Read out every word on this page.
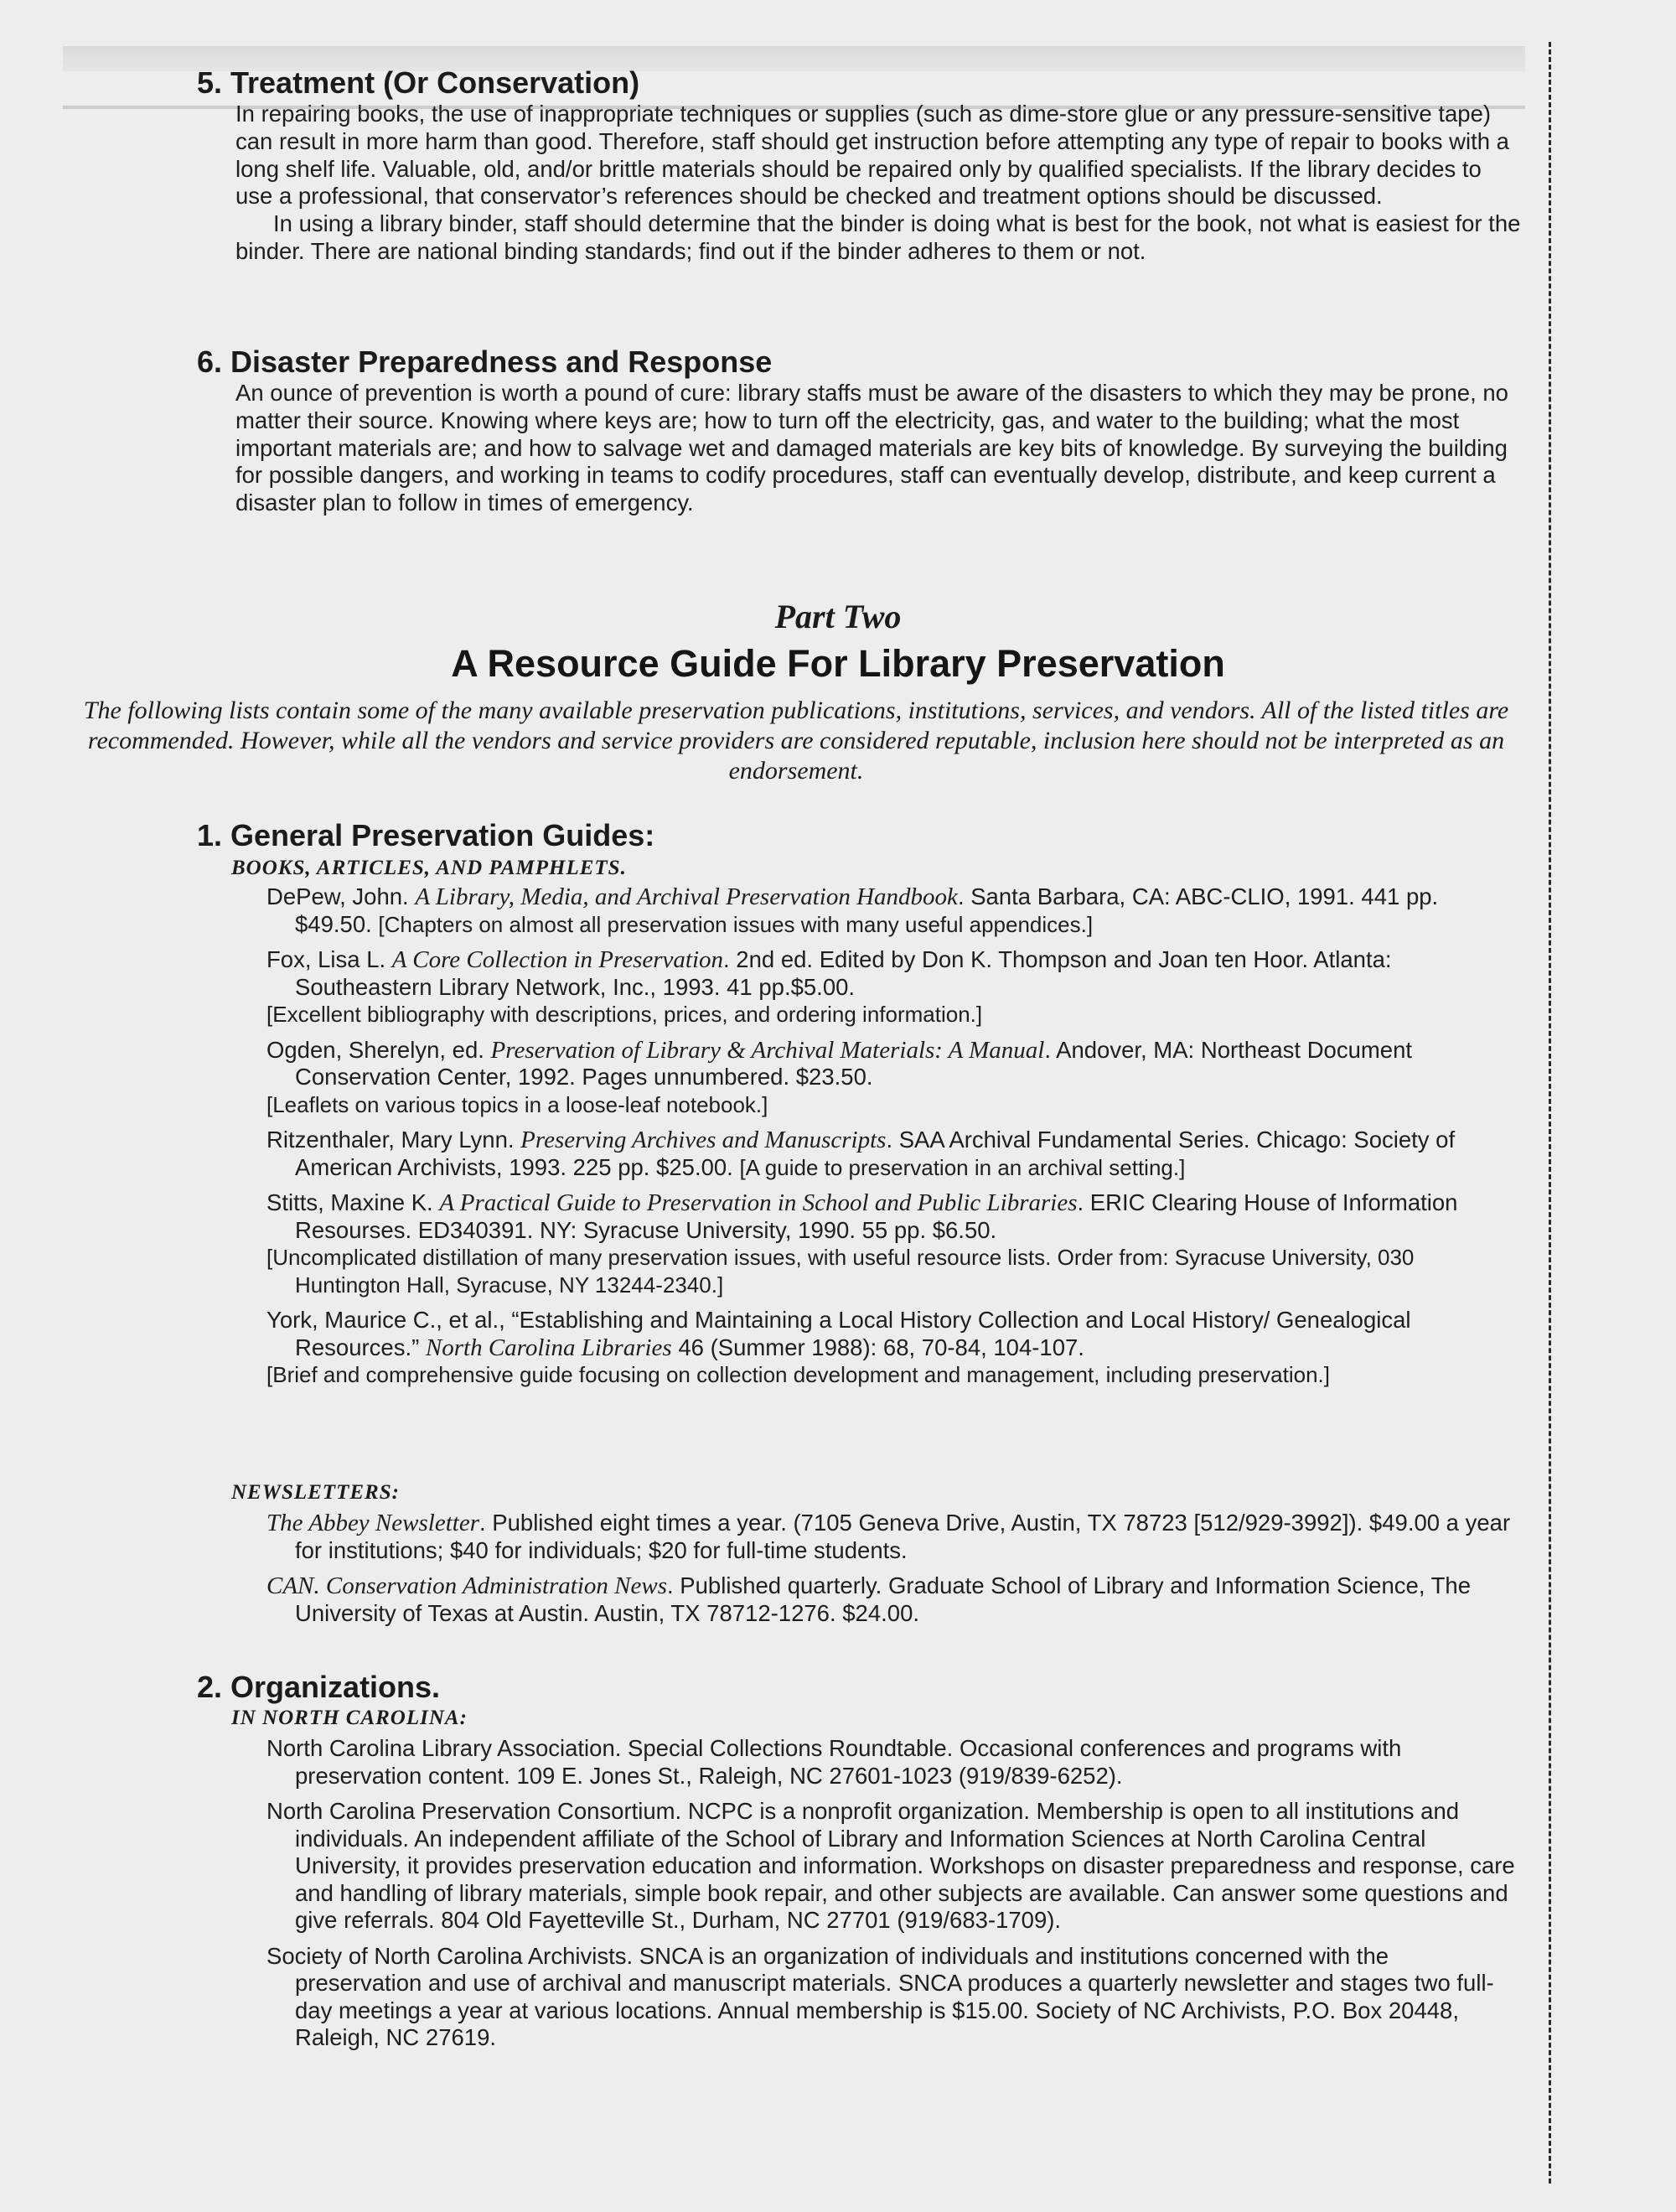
5. Treatment (Or Conservation)

In repairing books, the use of inappropriate techniques or supplies (such as dime-store glue or any pressure-sensitive tape) can result in more harm than good. Therefore, staff should get instruction before attempting any type of repair to books with a long shelf life. Valuable, old, and/or brittle materials should be repaired only by qualified specialists. If the library decides to use a professional, that conservator’s references should be checked and treatment options should be discussed.

In using a library binder, staff should determine that the binder is doing what is best for the book, not what is easiest for the binder. There are national binding standards; find out if the binder adheres to them or not.

6. Disaster Preparedness and Response

An ounce of prevention is worth a pound of cure: library staffs must be aware of the disasters to which they may be prone, no matter their source. Knowing where keys are; how to turn off the electricity, gas, and water to the building; what the most important materials are; and how to salvage wet and damaged materials are key bits of knowledge. By surveying the building for possible dangers, and working in teams to codify procedures, staff can eventually develop, distribute, and keep current a disaster plan to follow in times of emergency.

Part Two
A Resource Guide For Library Preservation
The following lists contain some of the many available preservation publications, institutions, services, and vendors. All of the listed titles are recommended. However, while all the vendors and service providers are considered reputable, inclusion here should not be interpreted as an endorsement.
1. General Preservation Guides:
BOOKS, ARTICLES, AND PAMPHLETS.
DePew, John. A Library, Media, and Archival Preservation Handbook. Santa Barbara, CA: ABC-CLIO, 1991. 441 pp. $49.50. [Chapters on almost all preservation issues with many useful appendices.]
Fox, Lisa L. A Core Collection in Preservation. 2nd ed. Edited by Don K. Thompson and Joan ten Hoor. Atlanta: Southeastern Library Network, Inc., 1993. 41 pp.$5.00.
[Excellent bibliography with descriptions, prices, and ordering information.]
Ogden, Sherelyn, ed. Preservation of Library & Archival Materials: A Manual. Andover, MA: Northeast Document Conservation Center, 1992. Pages unnumbered. $23.50.
[Leaflets on various topics in a loose-leaf notebook.]
Ritzenthaler, Mary Lynn. Preserving Archives and Manuscripts. SAA Archival Fundamental Series. Chicago: Society of American Archivists, 1993. 225 pp. $25.00. [A guide to preservation in an archival setting.]
Stitts, Maxine K. A Practical Guide to Preservation in School and Public Libraries. ERIC Clearing House of Information Resourses. ED340391. NY: Syracuse University, 1990. 55 pp. $6.50.
[Uncomplicated distillation of many preservation issues, with useful resource lists. Order from: Syracuse University, 030 Huntington Hall, Syracuse, NY 13244-2340.]
York, Maurice C., et al., “Establishing and Maintaining a Local History Collection and Local History/ Genealogical Resources.” North Carolina Libraries 46 (Summer 1988): 68, 70-84, 104-107.
[Brief and comprehensive guide focusing on collection development and management, including preservation.]
NEWSLETTERS:
The Abbey Newsletter. Published eight times a year. (7105 Geneva Drive, Austin, TX 78723 [512/929-3992]). $49.00 a year for institutions; $40 for individuals; $20 for full-time students.
CAN. Conservation Administration News. Published quarterly. Graduate School of Library and Information Science, The University of Texas at Austin. Austin, TX 78712-1276. $24.00.
2. Organizations.
IN NORTH CAROLINA:
North Carolina Library Association. Special Collections Roundtable. Occasional conferences and programs with preservation content. 109 E. Jones St., Raleigh, NC 27601-1023 (919/839-6252).
North Carolina Preservation Consortium. NCPC is a nonprofit organization. Membership is open to all institutions and individuals. An independent affiliate of the School of Library and Information Sciences at North Carolina Central University, it provides preservation education and information. Workshops on disaster preparedness and response, care and handling of library materials, simple book repair, and other subjects are available. Can answer some questions and give referrals. 804 Old Fayetteville St., Durham, NC 27701 (919/683-1709).
Society of North Carolina Archivists. SNCA is an organization of individuals and institutions concerned with the preservation and use of archival and manuscript materials. SNCA produces a quarterly newsletter and stages two full-day meetings a year at various locations. Annual membership is $15.00. Society of NC Archivists, P.O. Box 20448, Raleigh, NC 27619.
